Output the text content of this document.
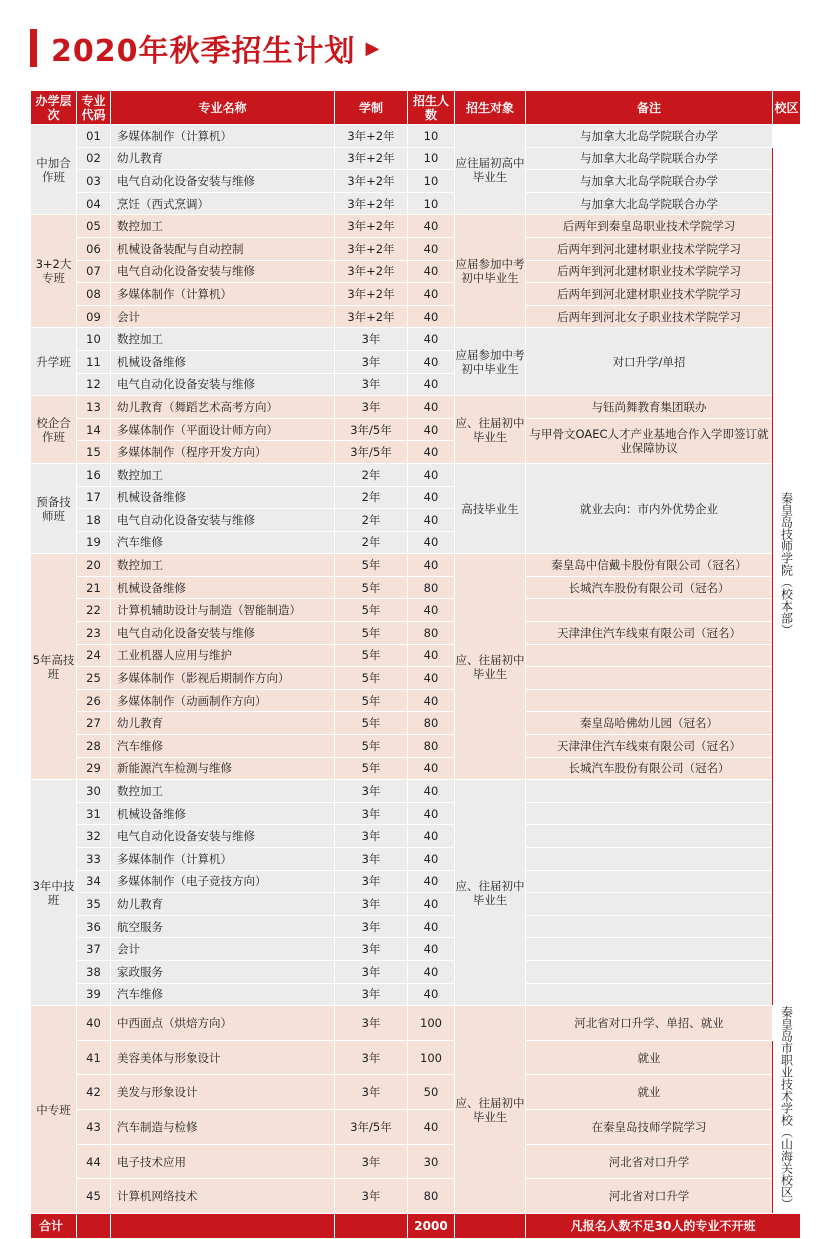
2020年秋季招生计划 ▶
办学层次	专业代码	专业名称	学制	招生人数	招生对象	备注	校区
中加合作班	01	多媒体制作（计算机）	3年+2年	10	应往届初高中毕业生	与加拿大北岛学院联合办学	秦皇岛技师学院（校本部）
	02	幼儿教育	3年+2年	10		与加拿大北岛学院联合办学	
	03	电气自动化设备安装与维修	3年+2年	10		与加拿大北岛学院联合办学	
	04	烹饪（西式烹调）	3年+2年	10		与加拿大北岛学院联合办学	
3+2大专班	05	数控加工	3年+2年	40	应届参加中考初中毕业生	后两年到秦皇岛职业技术学院学习	
	06	机械设备装配与自动控制	3年+2年	40		后两年到河北建材职业技术学院学习	
	07	电气自动化设备安装与维修	3年+2年	40		后两年到河北建材职业技术学院学习	
	08	多媒体制作（计算机）	3年+2年	40		后两年到河北建材职业技术学院学习	
	09	会计	3年+2年	40		后两年到河北女子职业技术学院学习	
升学班	10	数控加工	3年	40	应届参加中考初中毕业生	对口升学/单招	
	11	机械设备维修	3年	40			
	12	电气自动化设备安装与维修	3年	40			
校企合作班	13	幼儿教育（舞蹈艺术高考方向）	3年	40	应、往届初中毕业生	与钰尚舞教育集团联办	
	14	多媒体制作（平面设计师方向）	3年/5年	40		与甲骨文OAEC人才产业基地合作入学即签订就业保障协议	
	15	多媒体制作（程序开发方向）	3年/5年	40			
预备技师班	16	数控加工	2年	40	高技毕业生	就业去向：市内外优势企业	
	17	机械设备维修	2年	40			
	18	电气自动化设备安装与维修	2年	40			
	19	汽车维修	2年	40			
5年高技班	20	数控加工	5年	40	应、往届初中毕业生	秦皇岛中信戴卡股份有限公司（冠名）	
	21	机械设备维修	5年	80		长城汽车股份有限公司（冠名）	
	22	计算机辅助设计与制造（智能制造）	5年	40			
	23	电气自动化设备安装与维修	5年	80		天津津住汽车线束有限公司（冠名）	
	24	工业机器人应用与维护	5年	40			
	25	多媒体制作（影视后期制作方向）	5年	40			
	26	多媒体制作（动画制作方向）	5年	40			
	27	幼儿教育	5年	80		秦皇岛哈佛幼儿园（冠名）	
	28	汽车维修	5年	80		天津津住汽车线束有限公司（冠名）	
	29	新能源汽车检测与维修	5年	40		长城汽车股份有限公司（冠名）	
3年中技班	30	数控加工	3年	40	应、往届初中毕业生		
	31	机械设备维修	3年	40			
	32	电气自动化设备安装与维修	3年	40			
	33	多媒体制作（计算机）	3年	40			
	34	多媒体制作（电子竞技方向）	3年	40			
	35	幼儿教育	3年	40			
	36	航空服务	3年	40			
	37	会计	3年	40			
	38	家政服务	3年	40			
	39	汽车维修	3年	40			
中专班	40	中西面点（烘焙方向）	3年	100	应、往届初中毕业生	河北省对口升学、单招、就业	秦皇岛市职业技术学校（山海关校区）
	41	美容美体与形象设计	3年	100		就业	
	42	美发与形象设计	3年	50		就业	
	43	汽车制造与检修	3年/5年	40		在秦皇岛技师学院学习	
	44	电子技术应用	3年	30		河北省对口升学	
	45	计算机网络技术	3年	80		河北省对口升学	
合计				2000		凡报名人数不足30人的专业不开班	
